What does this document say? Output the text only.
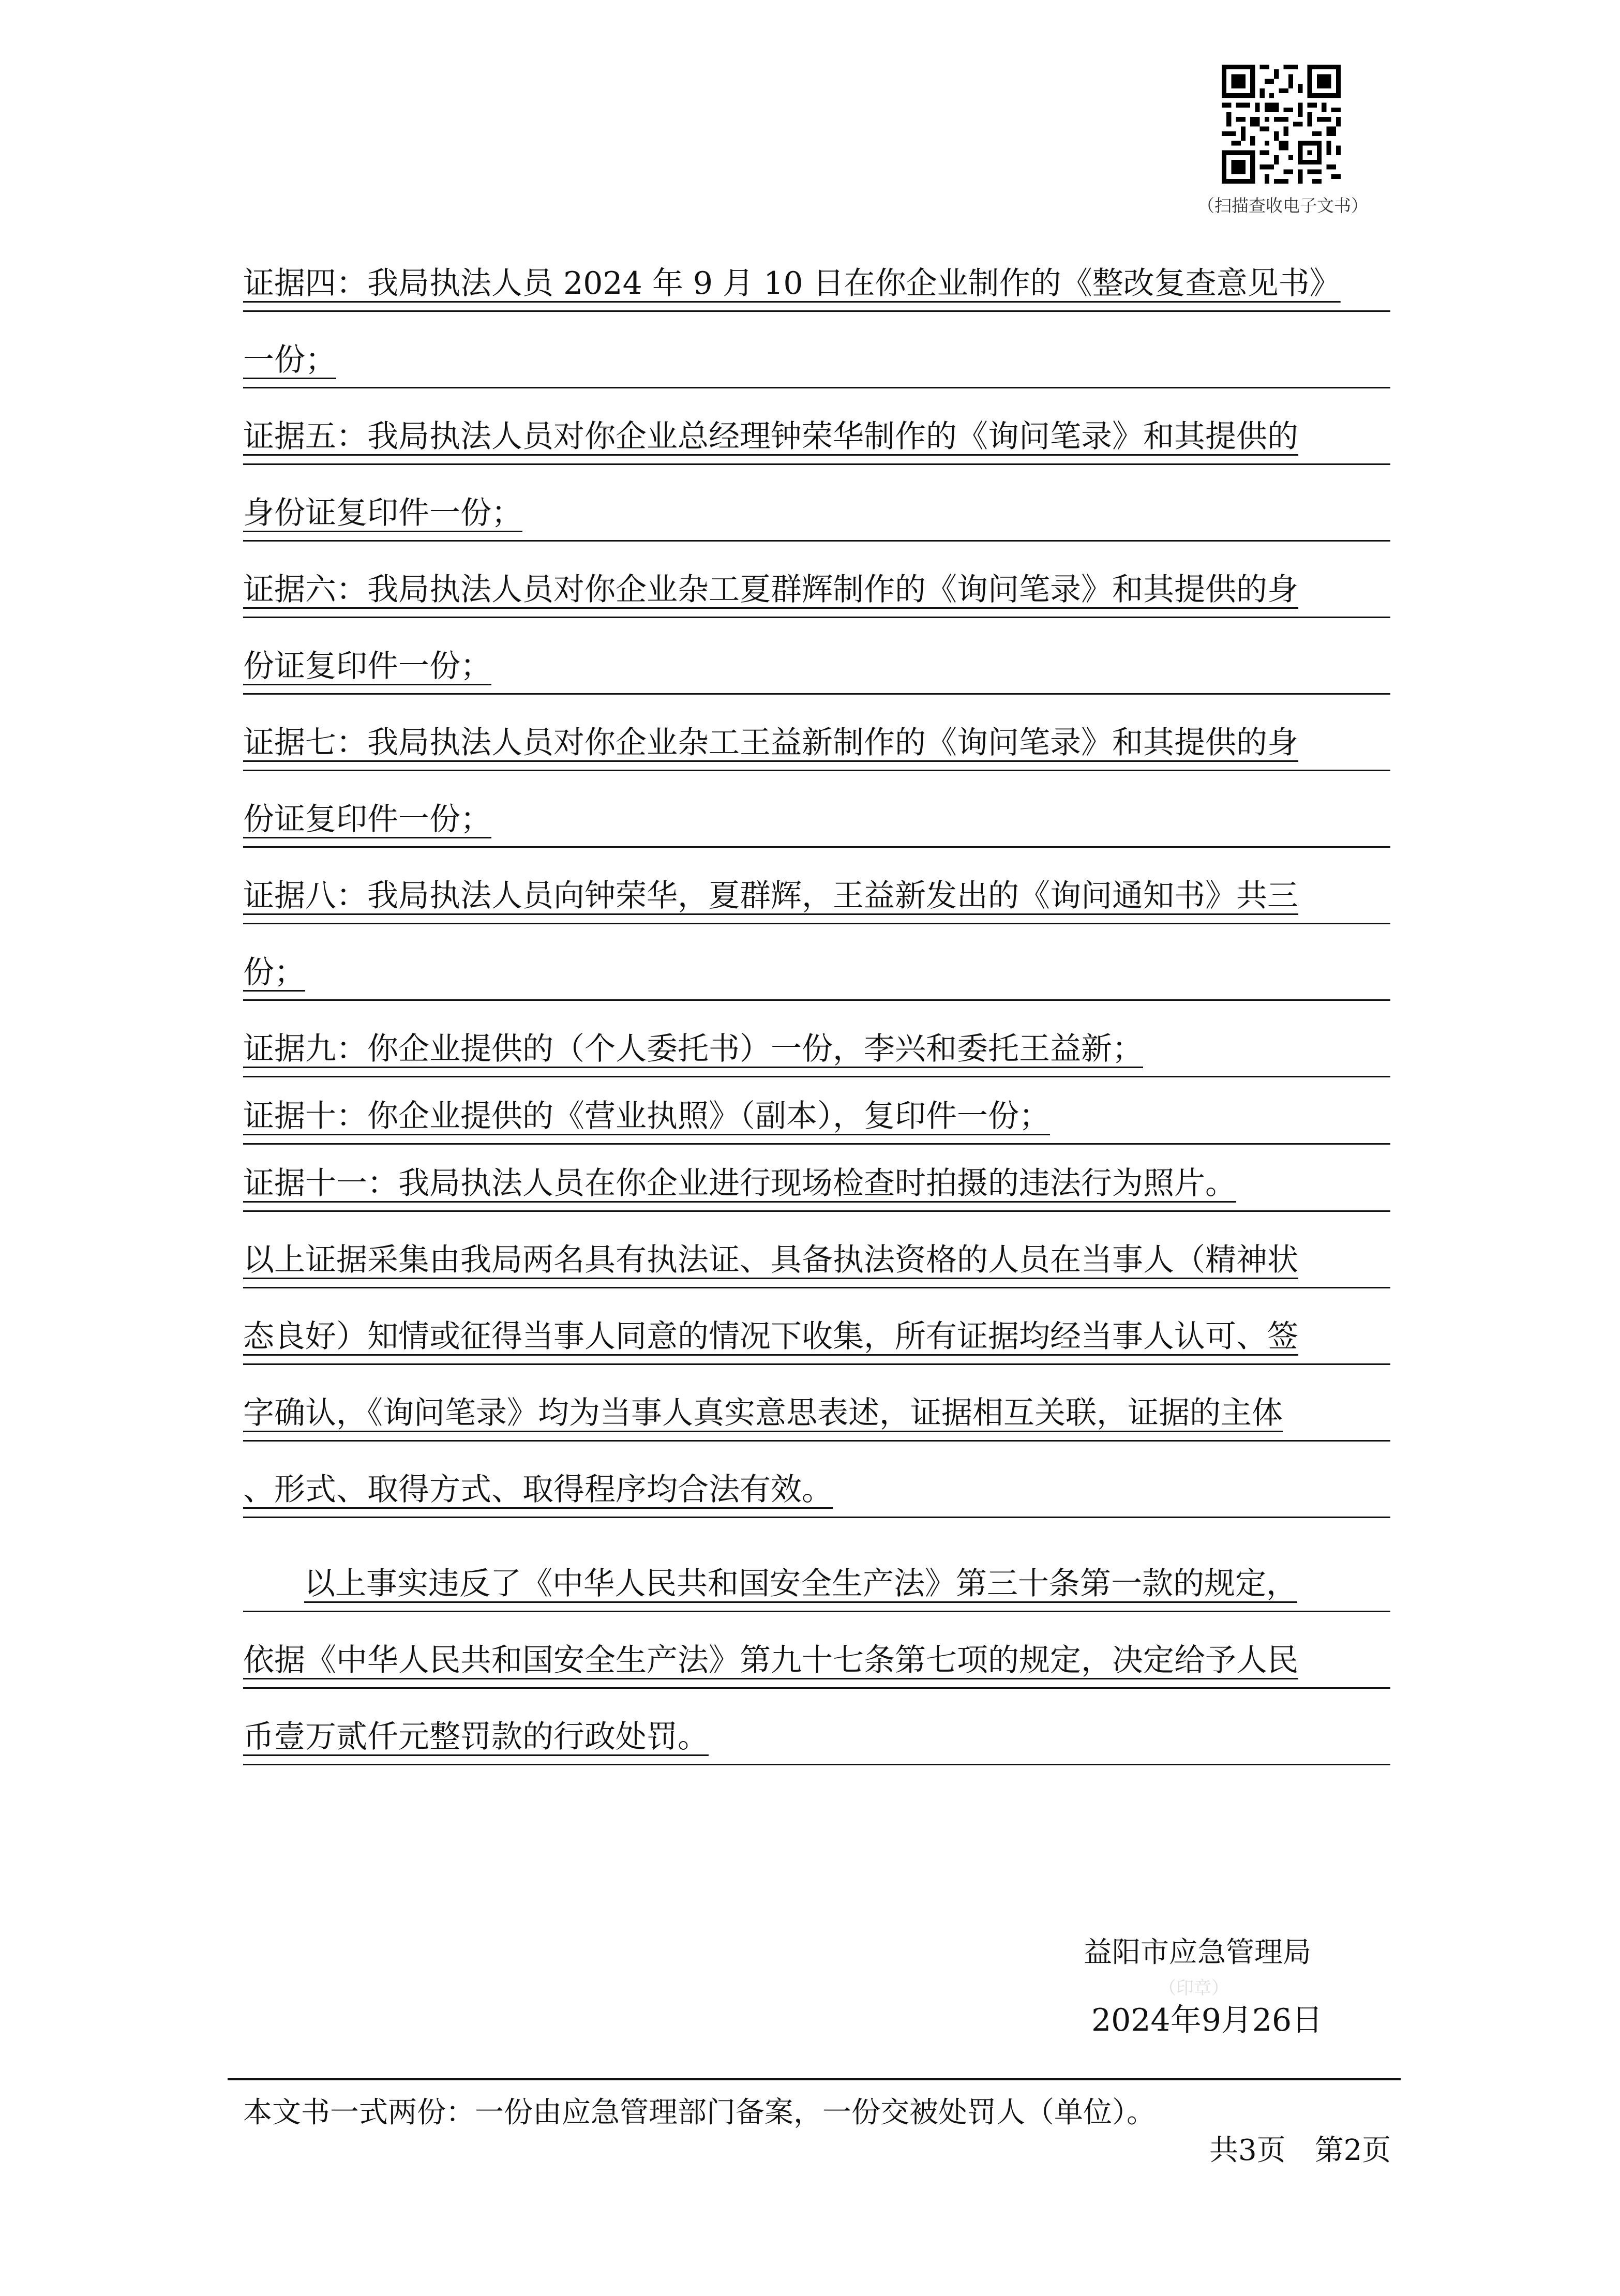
（扫描查收电子文书）
证据四：我局执法人员 2024 年 9 月 10 日在你企业制作的《整改复查意见书》
一份；
证据五：我局执法人员对你企业总经理钟荣华制作的《询问笔录》和其提供的
身份证复印件一份；
证据六：我局执法人员对你企业杂工夏群辉制作的《询问笔录》和其提供的身
份证复印件一份；
证据七：我局执法人员对你企业杂工王益新制作的《询问笔录》和其提供的身
份证复印件一份；
证据八：我局执法人员向钟荣华，夏群辉，王益新发出的《询问通知书》共三
份；
证据九：你企业提供的（个人委托书）一份，李兴和委托王益新；
证据十：你企业提供的《营业执照》（副本），复印件一份；
证据十一：我局执法人员在你企业进行现场检查时拍摄的违法行为照片。
以上证据采集由我局两名具有执法证、具备执法资格的人员在当事人（精神状
态良好）知情或征得当事人同意的情况下收集，所有证据均经当事人认可、签
字确认，《询问笔录》均为当事人真实意思表述，证据相互关联，证据的主体
、形式、取得方式、取得程序均合法有效。
以上事实违反了《中华人民共和国安全生产法》第三十条第一款的规定，
依据《中华人民共和国安全生产法》第九十七条第七项的规定，决定给予人民
币壹万贰仟元整罚款的行政处罚。
益阳市应急管理局
（印章）
2024年9月26日
本文书一式两份：一份由应急管理部门备案，一份交被处罚人（单位）。
共3页　第2页
